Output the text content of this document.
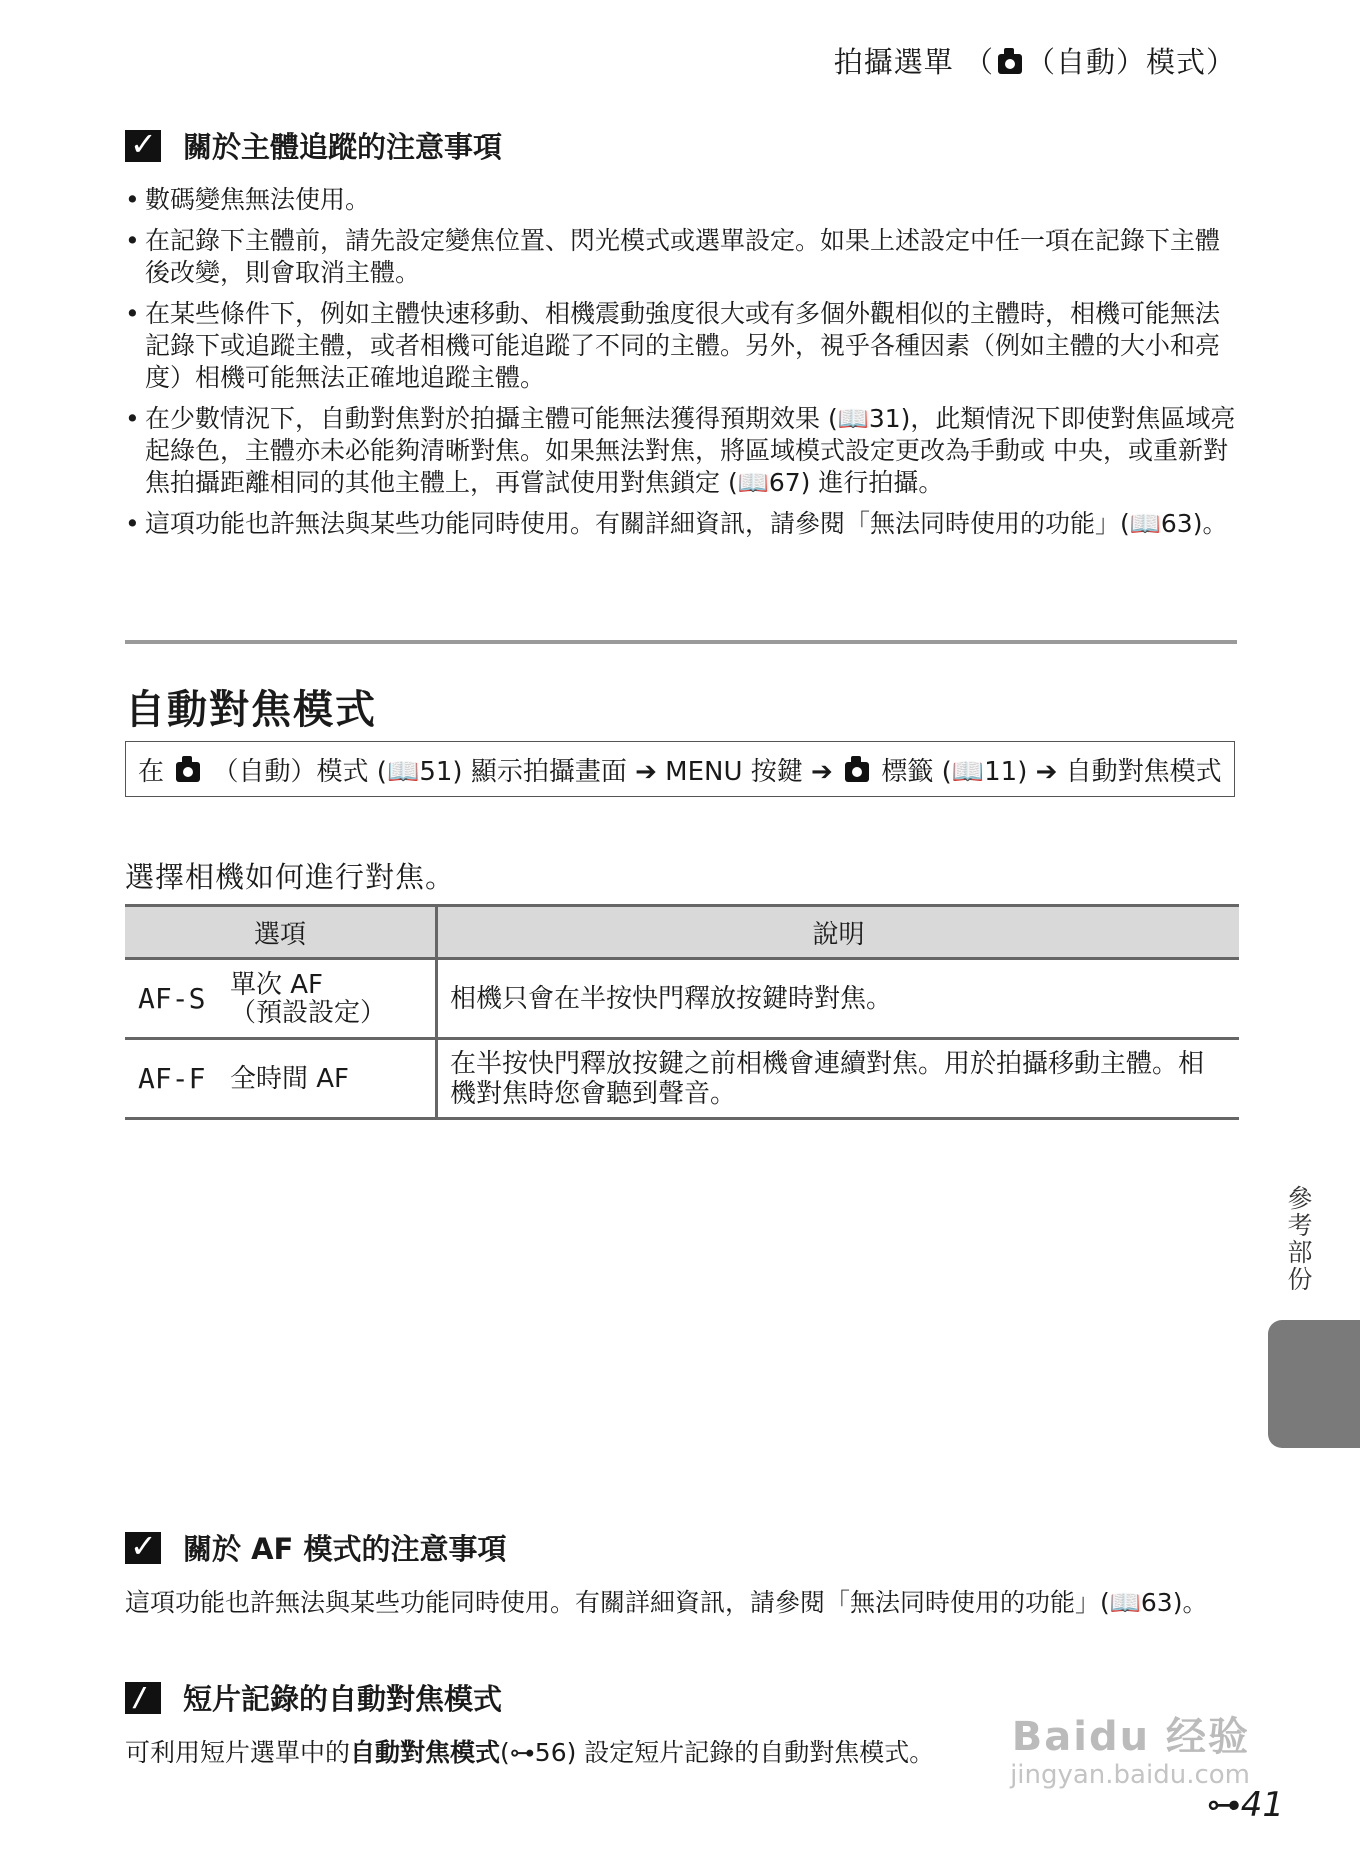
拍攝選單 （ （自動）模式）
✓ 關於主體追蹤的注意事項
• 數碼變焦無法使用。
• 在記錄下主體前，請先設定變焦位置、閃光模式或選單設定。如果上述設定中任一項在記錄下主體後改變，則會取消主體。
• 在某些條件下，例如主體快速移動、相機震動強度很大或有多個外觀相似的主體時，相機可能無法記錄下或追蹤主體，或者相機可能追蹤了不同的主體。另外，視乎各種因素（例如主體的大小和亮度）相機可能無法正確地追蹤主體。
• 在少數情況下，自動對焦對於拍攝主體可能無法獲得預期效果 (📖31)，此類情況下即使對焦區域亮起綠色，主體亦未必能夠清晰對焦。如果無法對焦，將區域模式設定更改為手動或 中央，或重新對焦拍攝距離相同的其他主體上，再嘗試使用對焦鎖定 (📖67) 進行拍攝。
• 這項功能也許無法與某些功能同時使用。有關詳細資訊，請參閱「無法同時使用的功能」(📖63)。
自動對焦模式
在 （自動）模式 (📖51) 顯示拍攝畫面 ➔ MENU 按鍵 ➔ 標籤 (📖11) ➔ 自動對焦模式
選擇相機如何進行對焦。
選項	說明
AF-S 單次 AF
（預設設定）	相機只會在半按快門釋放按鍵時對焦。
AF-F 全時間 AF	在半按快門釋放按鍵之前相機會連續對焦。用於拍攝移動主體。相機對焦時您會聽到聲音。
參考部份
✓ 關於 AF 模式的注意事項
這項功能也許無法與某些功能同時使用。有關詳細資訊，請參閱「無法同時使用的功能」(📖63)。
/ 短片記錄的自動對焦模式
可利用短片選單中的自動對焦模式(⊶56) 設定短片記錄的自動對焦模式。	Baidu 经验
jingyan.baidu.com
⊶41
